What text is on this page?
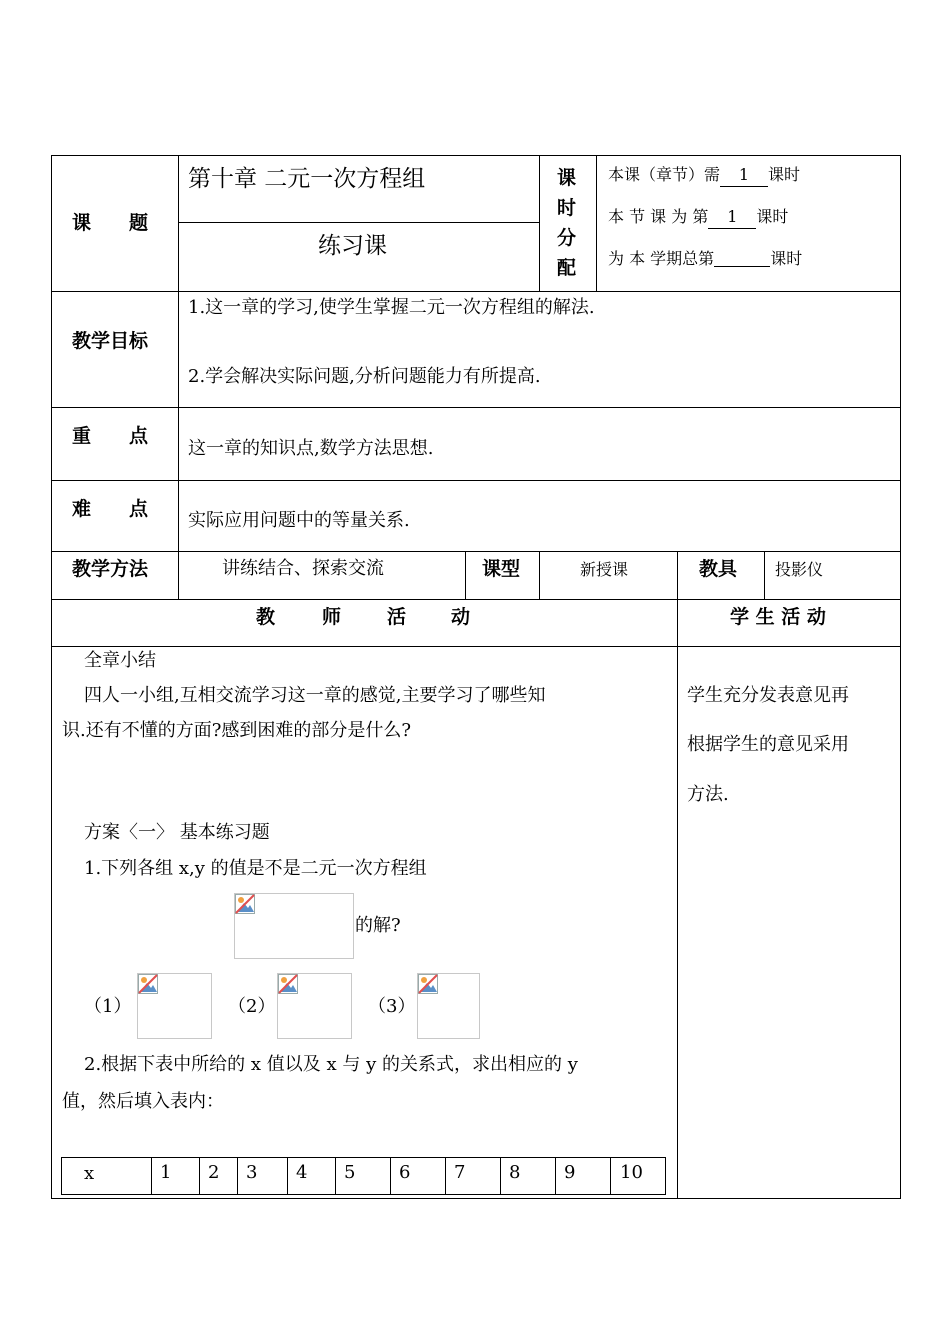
课　　题
第十章 二元一次方程组
练习课
课
时
分
配
本课（章节）需 1 课时
本 节 课 为 第 1 课时
为 本 学期总第	课时
教学目标
1.这一章的学习,使学生掌握二元一次方程组的解法.
2.学会解决实际问题,分析问题能力有所提高.
重　　点
这一章的知识点,数学方法思想.
难　　点
实际应用问题中的等量关系.
教学方法	讲练结合、探索交流	课型	新授课	教具 投影仪
教 师 活 动	学 生 活 动
全章小结
四人一小组,互相交流学习这一章的感觉,主要学习了哪些知
识.还有不懂的方面?感到困难的部分是什么?
方案〈一〉 基本练习题
1.下列各组 x,y 的值是不是二元一次方程组
的解?
（1）	（2）	（3）
2.根据下表中所给的 x 值以及 x 与 y 的关系式，求出相应的 y
值，然后填入表内：
x	1 2 3 4 5 6 7 8 9 10
学生充分发表意见再
根据学生的意见采用
方法.
